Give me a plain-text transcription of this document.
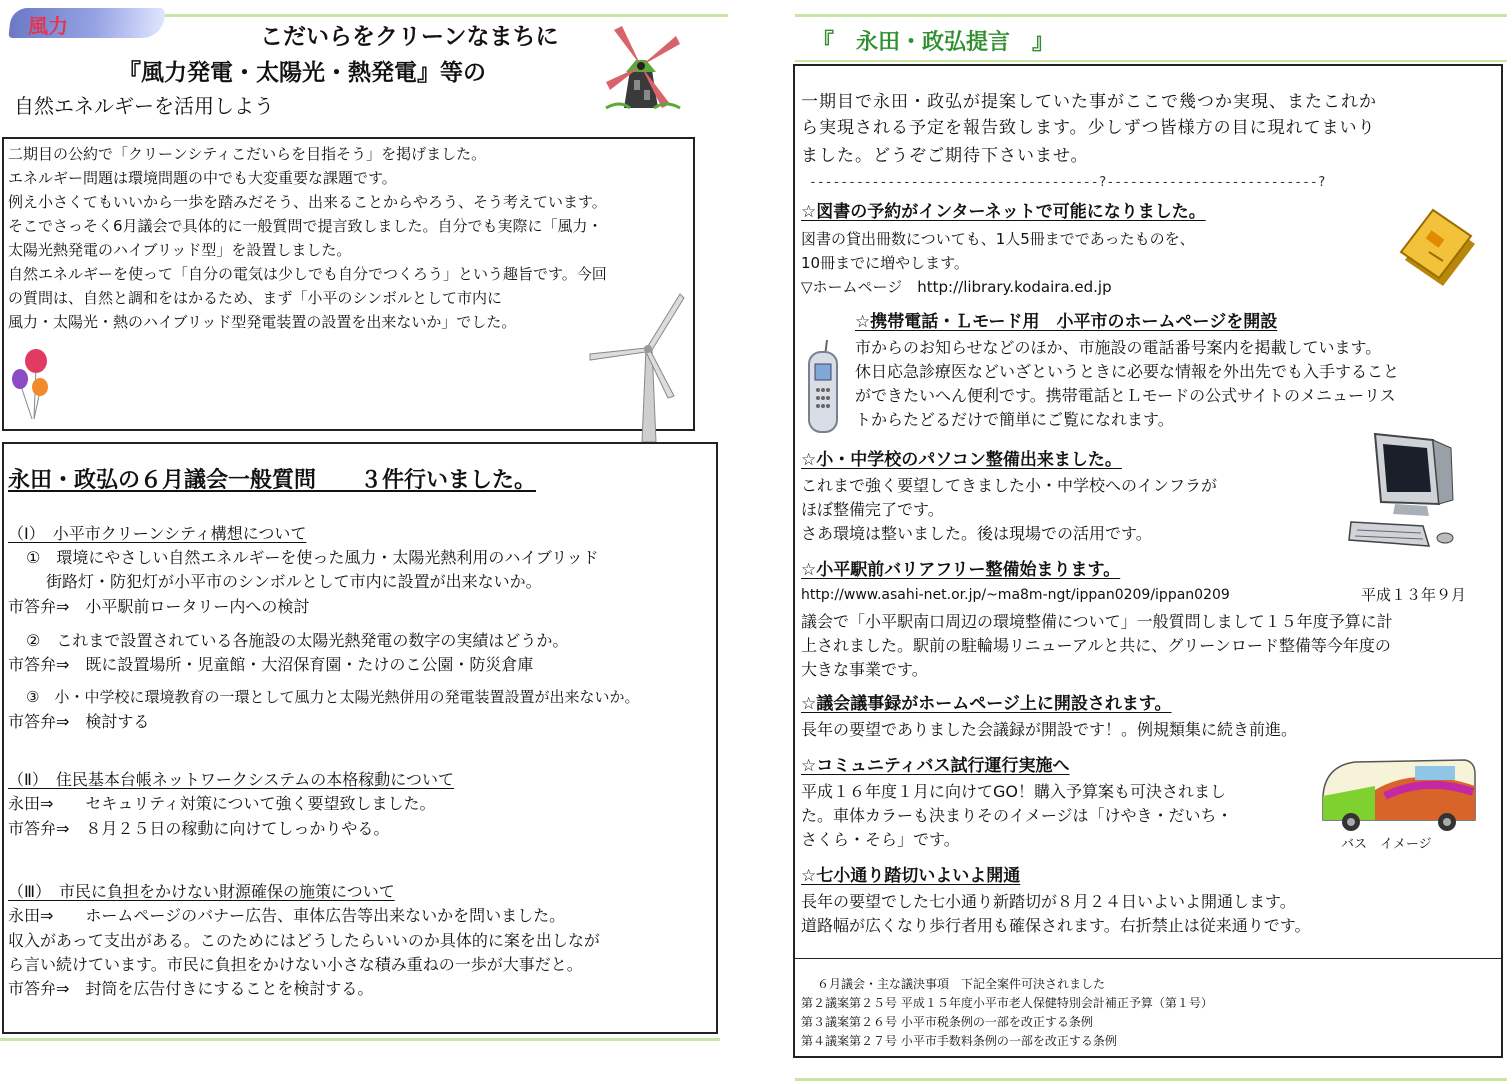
風力	こだいらをクリーンなまちに
『風力発電・太陽光・熱発電』等の
自然エネルギーを活用しよう
二期目の公約で「クリーンシティこだいらを目指そう」を掲げました。
エネルギー問題は環境問題の中でも大変重要な課題です。
例え小さくてもいいから一歩を踏みだそう、出来ることからやろう、そう考えています。
そこでさっそく6月議会で具体的に一般質問で提言致しました。自分でも実際に「風力・
太陽光熱発電のハイブリッド型」を設置しました。
自然エネルギーを使って「自分の電気は少しでも自分でつくろう」という趣旨です。今回
の質問は、自然と調和をはかるため、まず「小平のシンボルとして市内に
風力・太陽光・熱のハイブリッド型発電装置の設置を出来ないか」でした。
永田・政弘の６月議会一般質問　　３件行いました。
（Ⅰ）　小平市クリーンシティ構想について
①　環境にやさしい自然エネルギーを使った風力・太陽光熱利用のハイブリッド
街路灯・防犯灯が小平市のシンボルとして市内に設置が出来ないか。
市答弁⇒　小平駅前ロータリー内への検討
②　これまで設置されている各施設の太陽光熱発電の数字の実績はどうか。
市答弁⇒　既に設置場所・児童館・大沼保育園・たけのこ公園・防災倉庫
③　小・中学校に環境教育の一環として風力と太陽光熱併用の発電装置設置が出来ないか。
市答弁⇒　検討する
（Ⅱ）　住民基本台帳ネットワークシステムの本格稼動について
永田⇒　　セキュリティ対策について強く要望致しました。
市答弁⇒　８月２５日の稼動に向けてしっかりやる。
（Ⅲ）　市民に負担をかけない財源確保の施策について
永田⇒　　ホームページのバナー広告、車体広告等出来ないかを問いました。
収入があって支出がある。このためにはどうしたらいいのか具体的に案を出しなが
ら言い続けています。市民に負担をかけない小さな積み重ねの一歩が大事だと。
市答弁⇒　封筒を広告付きにすることを検討する。
『　永田・政弘提言　』
一期目で永田・政弘が提案していた事がここで幾つか実現、またこれか
ら実現される予定を報告致します。少しずつ皆様方の目に現れてまいり
ました。どうぞご期待下さいませ。
-------------------------------------?---------------------------?
☆図書の予約がインターネットで可能になりました。
図書の貸出冊数についても、1人5冊までであったものを、
10冊までに増やします。
▽ホームページ　http://library.kodaira.ed.jp
☆携帯電話・Ｌモード用　小平市のホームページを開設
市からのお知らせなどのほか、市施設の電話番号案内を掲載しています。
休日応急診療医などいざというときに必要な情報を外出先でも入手すること
ができたいへん便利です。携帯電話とＬモードの公式サイトのメニューリス
トからたどるだけで簡単にご覧になれます。
☆小・中学校のパソコン整備出来ました。
これまで強く要望してきました小・中学校へのインフラが
ほぼ整備完了です。
さあ環境は整いました。後は現場での活用です。
☆小平駅前バリアフリー整備始まります。
http://www.asahi-net.or.jp/~ma8m-ngt/ippan0209/ippan0209	平成１３年９月
議会で「小平駅南口周辺の環境整備について」一般質問しまして１５年度予算に計
上されました。駅前の駐輪場リニューアルと共に、グリーンロード整備等今年度の
大きな事業です。
☆議会議事録がホームページ上に開設されます。
長年の要望でありました会議録が開設です！。例規類集に続き前進。
☆コミュニティバス試行運行実施へ
平成１６年度１月に向けてGO！購入予算案も可決されまし
た。車体カラーも決まりそのイメージは「けやき・だいち・
さくら・そら」です。	バス　イメージ
☆七小通り踏切いよいよ開通
長年の要望でした七小通り新踏切が８月２４日いよいよ開通します。
道路幅が広くなり歩行者用も確保されます。右折禁止は従来通りです。
６月議会・主な議決事項　下記全案件可決されました
第２議案第２５号 平成１５年度小平市老人保健特別会計補正予算（第１号）
第３議案第２６号 小平市税条例の一部を改正する条例
第４議案第２７号 小平市手数料条例の一部を改正する条例
